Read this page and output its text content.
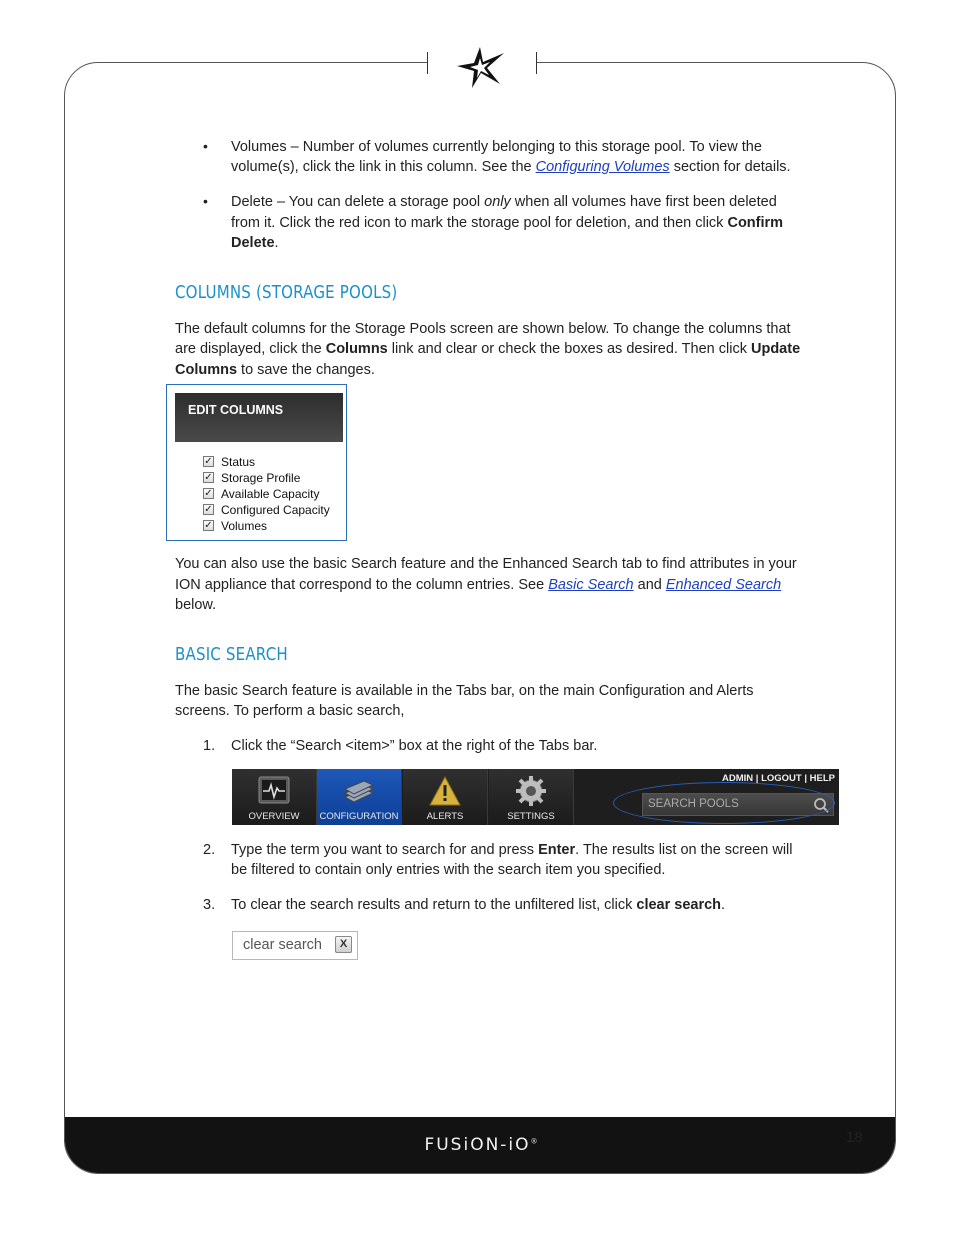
FUSiON-iO®	18
• Volumes – Number of volumes currently belonging to this storage pool. To view the
volume(s), click the link in this column. See the Configuring Volumes section for details.
• Delete – You can delete a storage pool only when all volumes have first been deleted
from it. Click the red icon to mark the storage pool for deletion, and then click Confirm
Delete.
COLUMNS (STORAGE POOLS)
The default columns for the Storage Pools screen are shown below. To change the columns that
are displayed, click the Columns link and clear or check the boxes as desired. Then click Update
Columns to save the changes.
EDIT COLUMNS
✓ Status
✓ Storage Profile
✓ Available Capacity
✓ Configured Capacity
✓ Volumes
You can also use the basic Search feature and the Enhanced Search tab to find attributes in your
ION appliance that correspond to the column entries. See Basic Search and Enhanced Search
below.
BASIC SEARCH
The basic Search feature is available in the Tabs bar, on the main Configuration and Alerts
screens. To perform a basic search,
1. Click the “Search <item>” box at the right of the Tabs bar.
OVERVIEW	CONFIGURATION	ALERTS	SETTINGS
ADMIN | LOGOUT | HELP
SEARCH POOLS
2. Type the term you want to search for and press Enter. The results list on the screen will
be filtered to contain only entries with the search item you specified.
3. To clear the search results and return to the unfiltered list, click clear search.
clear search	X
